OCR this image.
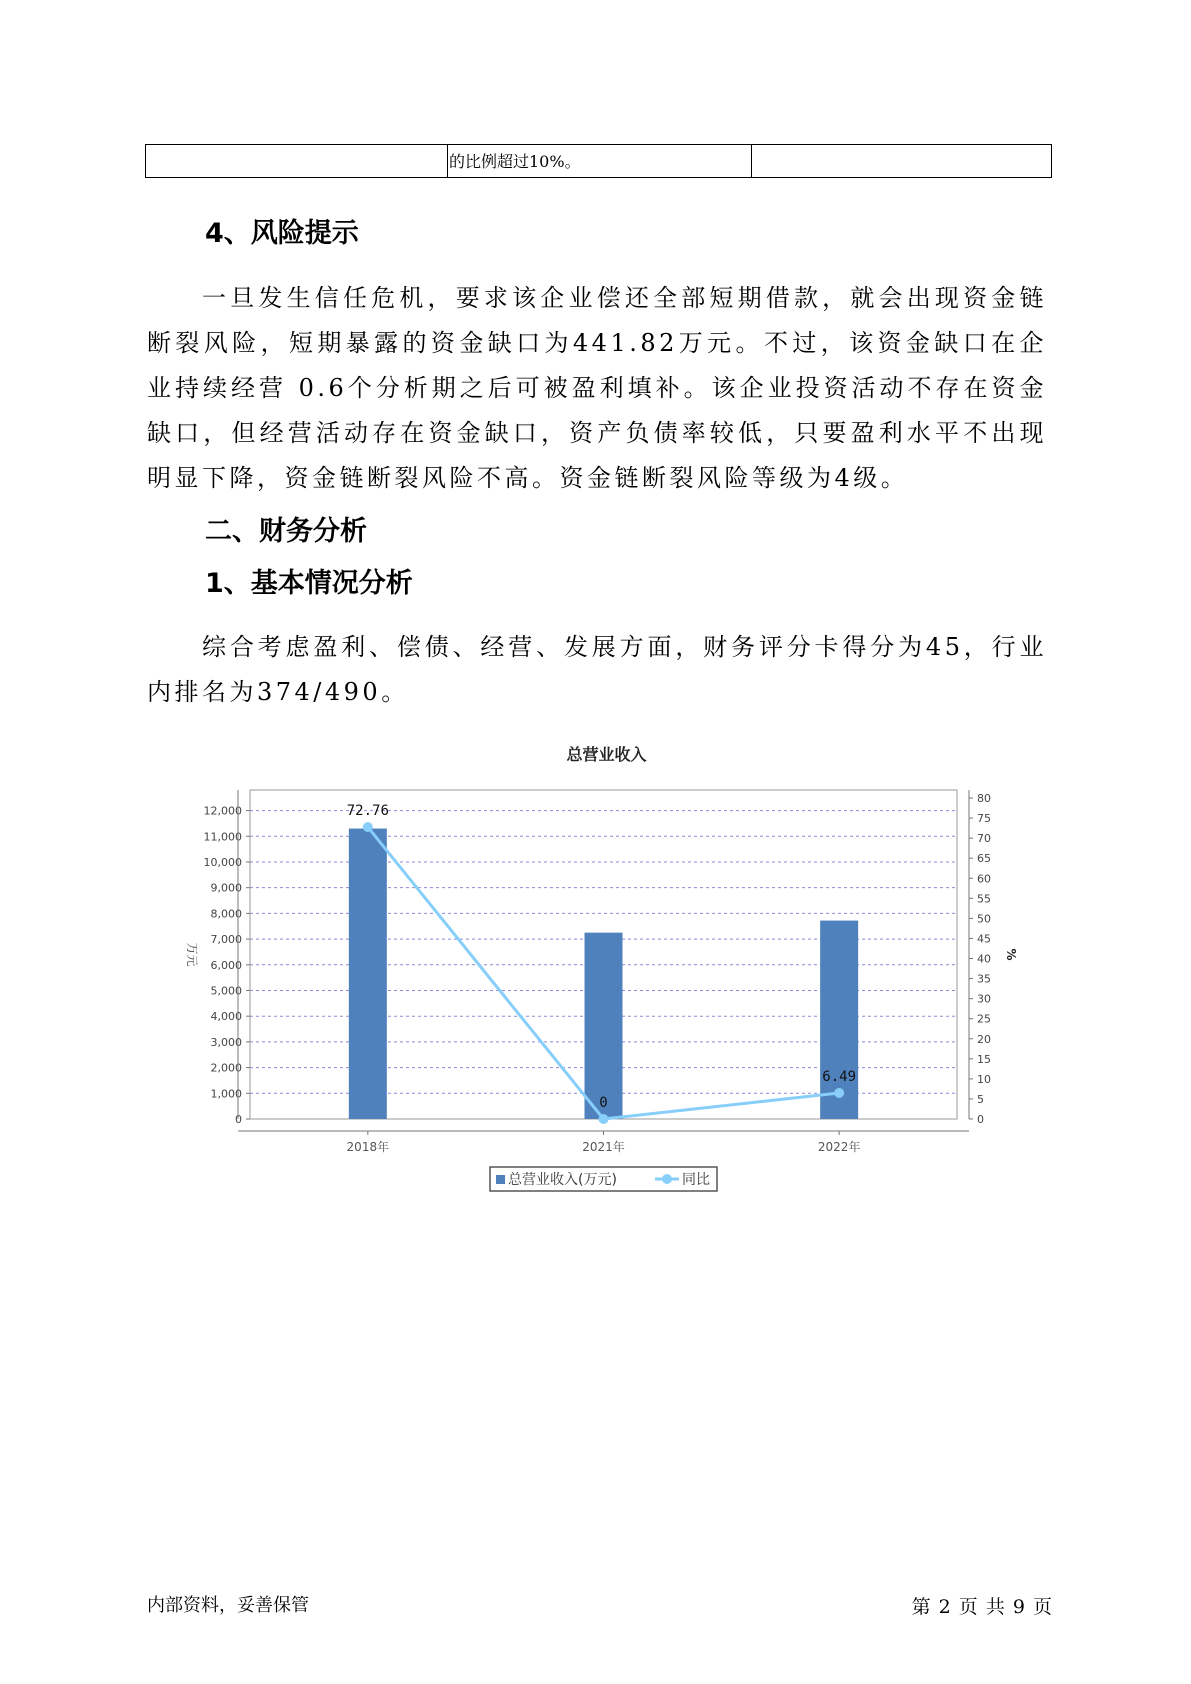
的比例超过10%。
4、风险提示

一旦发生信任危机，要求该企业偿还全部短期借款，就会出现资金链断裂风险，短期暴露的资金缺口为441.82万元。不过，该资金缺口在企业持续经营 0.6个分析期之后可被盈利填补。该企业投资活动不存在资金缺口，但经营活动存在资金缺口，资产负债率较低，只要盈利水平不出现明显下降，资金链断裂风险不高。资金链断裂风险等级为4级。

二、财务分析
1、基本情况分析

综合考虑盈利、偿债、经营、发展方面，财务评分卡得分为45，行业内排名为374/490。

总营业收入
0
1,000
2,000
3,000
4,000
5,000
6,000
7,000
8,000
9,000
10,000
11,000
12,000
0
5
10
15
20
25
30
35
40
45
50
55
60
65
70
75
80
万元	%
2018年	2021年	2022年
72.76
0
6.49
总营业收入(万元)	同比
内部资料，妥善保管	第 2 页 共 9 页
